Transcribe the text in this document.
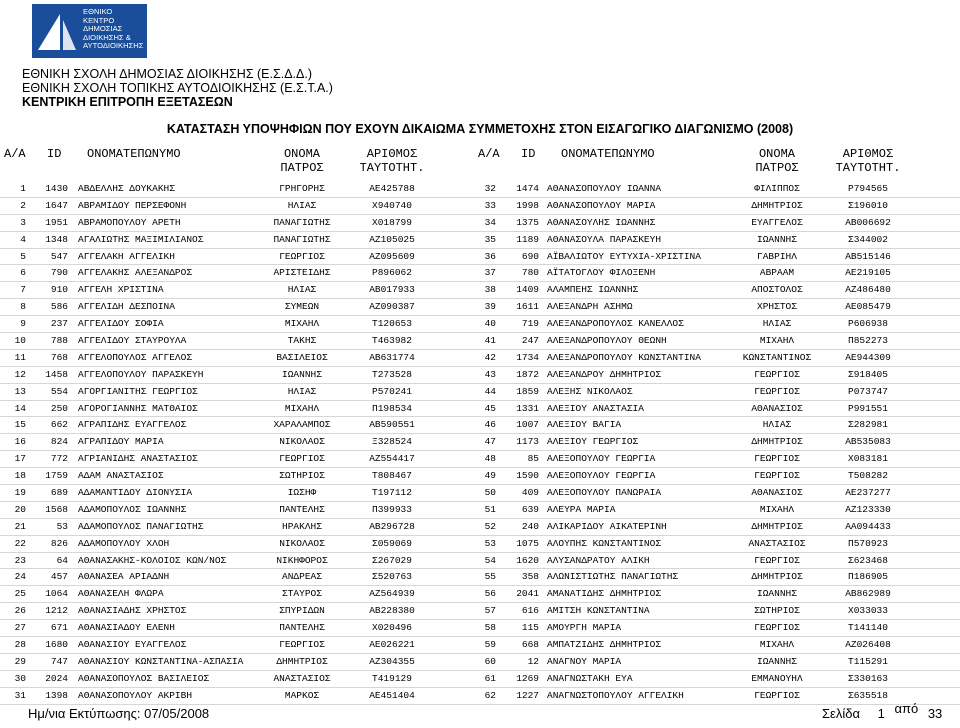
ΕΘΝΙΚΟ
ΚΕΝΤΡΟ
ΔΗΜΟΣΙΑΣ
ΔΙΟΙΚΗΣΗΣ &
ΑΥΤΟΔΙΟΙΚΗΣΗΣ
ΕΘΝΙΚΗ ΣΧΟΛΗ ΔΗΜΟΣΙΑΣ ΔΙΟΙΚΗΣΗΣ (Ε.Σ.Δ.Δ.)
ΕΘΝΙΚΗ ΣΧΟΛΗ ΤΟΠΙΚΗΣ ΑΥΤΟΔΙΟΙΚΗΣΗΣ (Ε.Σ.Τ.Α.)
ΚΕΝΤΡΙΚΗ ΕΠΙΤΡΟΠΗ ΕΞΕΤΑΣΕΩΝ
ΚΑΤΑΣΤΑΣΗ ΥΠΟΨΗΦΙΩΝ ΠΟΥ ΕΧΟΥΝ ΔΙΚΑΙΩΜΑ ΣΥΜΜΕΤΟΧΗΣ ΣΤΟΝ ΕΙΣΑΓΩΓΙΚΟ ΔΙΑΓΩΝΙΣΜΟ (2008)
Α/Α ID ΟΝΟΜΑΤΕΠΩΝΥΜΟ	ΟΝΟΜΑ
ΠΑΤΡΟΣ
ΑΡΙΘΜΟΣ
ΤΑΥΤΟΤΗΤ.
Α/Α ID ΟΝΟΜΑΤΕΠΩΝΥΜΟ	ΟΝΟΜΑ
ΠΑΤΡΟΣ
ΑΡΙΘΜΟΣ
ΤΑΥΤΟΤΗΤ.
1	1430 ΑΒΔΕΛΛΗΣ ΔΟΥΚΑΚΗΣ	ΓΡΗΓΟΡΗΣ	ΑΕ425788
2	1647 ΑΒΡΑΜΙΔΟΥ ΠΕΡΣΕΦΟΝΗ	ΗΛΙΑΣ	Χ940740
3	1951 ΑΒΡΑΜΟΠΟΥΛΟΥ ΑΡΕΤΗ	ΠΑΝΑΓΙΩΤΗΣ	Χ018799
4	1348 ΑΓΑΛΙΩΤΗΣ ΜΑΞΙΜΙΛΙΑΝΟΣ	ΠΑΝΑΓΙΩΤΗΣ	ΑΖ105025
5	547 ΑΓΓΕΛΑΚΗ ΑΓΓΕΛΙΚΗ	ΓΕΩΡΓΙΟΣ	ΑΖ095609
6	790 ΑΓΓΕΛΑΚΗΣ ΑΛΕΞΑΝΔΡΟΣ	ΑΡΙΣΤΕΙΔΗΣ	Ρ896062
7	910 ΑΓΓΕΛΗ ΧΡΙΣΤΙΝΑ	ΗΛΙΑΣ	ΑΒ017933
8	586 ΑΓΓΕΛΙΔΗ ΔΕΣΠΟΙΝΑ	ΣΥΜΕΩΝ	ΑΖ090387
9	237 ΑΓΓΕΛΙΔΟΥ ΣΟΦΙΑ	ΜΙΧΑΗΛ	Τ120653
10	788 ΑΓΓΕΛΙΔΟΥ ΣΤΑΥΡΟΥΛΑ	ΤΑΚΗΣ	Τ463982
11	768 ΑΓΓΕΛΟΠΟΥΛΟΣ ΑΓΓΕΛΟΣ	ΒΑΣΙΛΕΙΟΣ	ΑΒ631774
12	1458 ΑΓΓΕΛΟΠΟΥΛΟΥ ΠΑΡΑΣΚΕΥΗ	ΙΩΑΝΝΗΣ	Τ273528
13	554 ΑΓΟΡΓΙΑΝΙΤΗΣ ΓΕΩΡΓΙΟΣ	ΗΛΙΑΣ	Ρ570241
14	250 ΑΓΟΡΟΓΙΑΝΝΗΣ ΜΑΤΘΑΙΟΣ	ΜΙΧΑΗΛ	Π198534
15	662 ΑΓΡΑΠΙΔΗΣ ΕΥΑΓΓΕΛΟΣ	ΧΑΡΑΛΑΜΠΟΣ	ΑΒ590551
16	824 ΑΓΡΑΠΙΔΟΥ ΜΑΡΙΑ	ΝΙΚΟΛΑΟΣ	Ξ328524
17	772 ΑΓΡΙΑΝΙΔΗΣ ΑΝΑΣΤΑΣΙΟΣ	ΓΕΩΡΓΙΟΣ	ΑΖ554417
18	1759 ΑΔΑΜ ΑΝΑΣΤΑΣΙΟΣ	ΣΩΤΗΡΙΟΣ	Τ808467
19	689 ΑΔΑΜΑΝΤΙΔΟΥ ΔΙΟΝΥΣΙΑ	ΙΩΣΗΦ	Τ197112
20	1568 ΑΔΑΜΟΠΟΥΛΟΣ ΙΩΑΝΝΗΣ	ΠΑΝΤΕΛΗΣ	Π399933
21	53 ΑΔΑΜΟΠΟΥΛΟΣ ΠΑΝΑΓΙΩΤΗΣ	ΗΡΑΚΛΗΣ	ΑΒ296728
22	826 ΑΔΑΜΟΠΟΥΛΟΥ ΧΛΟΗ	ΝΙΚΟΛΑΟΣ	Σ059069
23	64 ΑΘΑΝΑΣΑΚΗΣ-ΚΟΛΟΙΟΣ ΚΩΝ/ΝΟΣ	ΝΙΚΗΦΟΡΟΣ	Σ267029
24	457 ΑΘΑΝΑΣΕΑ ΑΡΙΑΔΝΗ	ΑΝΔΡΕΑΣ	Σ520763
25	1064 ΑΘΑΝΑΣΕΛΗ ΦΛΩΡΑ	ΣΤΑΥΡΟΣ	ΑΖ564939
26	1212 ΑΘΑΝΑΣΙΑΔΗΣ ΧΡΗΣΤΟΣ	ΣΠΥΡΙΔΩΝ	ΑΒ228380
27	671 ΑΘΑΝΑΣΙΑΔΟΥ ΕΛΕΝΗ	ΠΑΝΤΕΛΗΣ	Χ020496
28	1680 ΑΘΑΝΑΣΙΟΥ ΕΥΑΓΓΕΛΟΣ	ΓΕΩΡΓΙΟΣ	ΑΕ026221
29	747 ΑΘΑΝΑΣΙΟΥ ΚΩΝΣΤΑΝΤΙΝΑ-ΑΣΠΑΣΙΑ	ΔΗΜΗΤΡΙΟΣ	ΑΖ304355
30	2024 ΑΘΑΝΑΣΟΠΟΥΛΟΣ ΒΑΣΙΛΕΙΟΣ	ΑΝΑΣΤΑΣΙΟΣ	Τ419129
31	1398 ΑΘΑΝΑΣΟΠΟΥΛΟΥ ΑΚΡΙΒΗ	ΜΑΡΚΟΣ	ΑΕ451404
32	1474 ΑΘΑΝΑΣΟΠΟΥΛΟΥ ΙΩΑΝΝΑ	ΦΙΛΙΠΠΟΣ	Ρ794565
33	1998 ΑΘΑΝΑΣΟΠΟΥΛΟΥ ΜΑΡΙΑ	ΔΗΜΗΤΡΙΟΣ	Σ196010
34	1375 ΑΘΑΝΑΣΟΥΛΗΣ ΙΩΑΝΝΗΣ	ΕΥΑΓΓΕΛΟΣ	ΑΒ006692
35	1189 ΑΘΑΝΑΣΟΥΛΑ ΠΑΡΑΣΚΕΥΗ	ΙΩΑΝΝΗΣ	Σ344002
36	690 ΑΪΒΑΛΙΩΤΟΥ ΕΥΤΥΧΙΑ-ΧΡΙΣΤΙΝΑ	ΓΑΒΡΙΗΛ	ΑΒ515146
37	780 ΑΪΤΑΤΟΓΛΟΥ ΦΙΛΟΞΕΝΗ	ΑΒΡΑΑΜ	ΑΕ219105
38	1409 ΑΛΑΜΠΕΗΣ ΙΩΑΝΝΗΣ	ΑΠΟΣΤΟΛΟΣ	ΑΖ486480
39	1611 ΑΛΕΞΑΝΔΡΗ ΑΣΗΜΩ	ΧΡΗΣΤΟΣ	ΑΕ085479
40	719 ΑΛΕΞΑΝΔΡΟΠΟΥΛΟΣ ΚΑΝΕΛΛΟΣ	ΗΛΙΑΣ	Ρ606938
41	247 ΑΛΕΞΑΝΔΡΟΠΟΥΛΟΥ ΘΕΩΝΗ	ΜΙΧΑΗΛ	Π852273
42	1734 ΑΛΕΞΑΝΔΡΟΠΟΥΛΟΥ ΚΩΝΣΤΑΝΤΙΝΑ	ΚΩΝΣΤΑΝΤΙΝΟΣ	ΑΕ944309
43	1872 ΑΛΕΞΑΝΔΡΟΥ ΔΗΜΗΤΡΙΟΣ	ΓΕΩΡΓΙΟΣ	Σ918405
44	1859 ΑΛΕΞΗΣ ΝΙΚΟΛΑΟΣ	ΓΕΩΡΓΙΟΣ	Ρ073747
45	1331 ΑΛΕΞΙΟΥ ΑΝΑΣΤΑΣΙΑ	ΑΘΑΝΑΣΙΟΣ	Ρ991551
46	1007 ΑΛΕΞΙΟΥ ΒΑΓΙΑ	ΗΛΙΑΣ	Σ282981
47	1173 ΑΛΕΞΙΟΥ ΓΕΩΡΓΙΟΣ	ΔΗΜΗΤΡΙΟΣ	ΑΒ535083
48	85 ΑΛΕΞΟΠΟΥΛΟΥ ΓΕΩΡΓΙΑ	ΓΕΩΡΓΙΟΣ	Χ083181
49	1590 ΑΛΕΞΟΠΟΥΛΟΥ ΓΕΩΡΓΙΑ	ΓΕΩΡΓΙΟΣ	Τ508282
50	409 ΑΛΕΞΟΠΟΥΛΟΥ ΠΑΝΩΡΑΙΑ	ΑΘΑΝΑΣΙΟΣ	ΑΕ237277
51	639 ΑΛΕΥΡΑ ΜΑΡΙΑ	ΜΙΧΑΗΛ	ΑΖ123330
52	240 ΑΛΙΚΑΡΙΔΟΥ ΑΙΚΑΤΕΡΙΝΗ	ΔΗΜΗΤΡΙΟΣ	ΑΑ094433
53	1075 ΑΛΟΥΠΗΣ ΚΩΝΣΤΑΝΤΙΝΟΣ	ΑΝΑΣΤΑΣΙΟΣ	Π570923
54	1620 ΑΛΥΣΑΝΔΡΑΤΟΥ ΑΛΙΚΗ	ΓΕΩΡΓΙΟΣ	Σ623468
55	358 ΑΛΩΝΙΣΤΙΩΤΗΣ ΠΑΝΑΓΙΩΤΗΣ	ΔΗΜΗΤΡΙΟΣ	Π186905
56	2041 ΑΜΑΝΑΤΙΔΗΣ ΔΗΜΗΤΡΙΟΣ	ΙΩΑΝΝΗΣ	ΑΒ862989
57	616 ΑΜΙΤΣΗ ΚΩΝΣΤΑΝΤΙΝΑ	ΣΩΤΗΡΙΟΣ	Χ033033
58	115 ΑΜΟΥΡΓΗ ΜΑΡΙΑ	ΓΕΩΡΓΙΟΣ	Τ141140
59	668 ΑΜΠΑΤΖΙΔΗΣ ΔΗΜΗΤΡΙΟΣ	ΜΙΧΑΗΛ	ΑΖ026408
60	12 ΑΝΑΓΝΟΥ ΜΑΡΙΑ	ΙΩΑΝΝΗΣ	Τ115291
61	1269 ΑΝΑΓΝΩΣΤΑΚΗ ΕΥΑ	ΕΜΜΑΝΟΥΗΛ	Σ330163
62	1227 ΑΝΑΓΝΩΣΤΟΠΟΥΛΟΥ ΑΓΓΕΛΙΚΗ	ΓΕΩΡΓΙΟΣ	Σ635518
Ημ/νια Εκτύπωσης: 07/05/2008	Σελίδα 1 από 33
